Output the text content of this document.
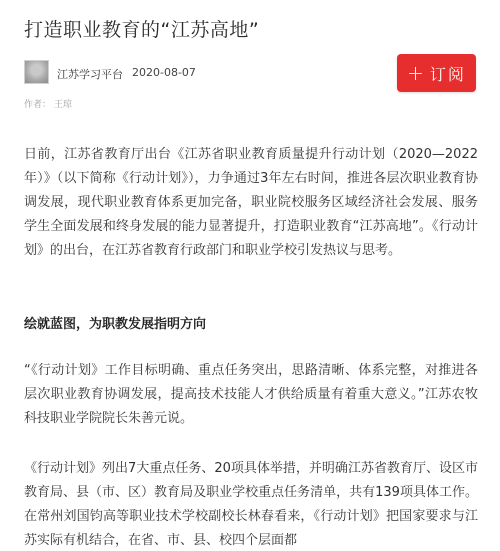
打造职业教育的“江苏高地”
江苏学习平台 2020-08-07
作者： 王琼
+ 订阅
日前，江苏省教育厅出台《江苏省职业教育质量提升行动计划（2020—2022年）》（以下简称《行动计划》），力争通过3年左右时间，推进各层次职业教育协调发展，现代职业教育体系更加完备，职业院校服务区域经济社会发展、服务学生全面发展和终身发展的能力显著提升，打造职业教育“江苏高地”。《行动计划》的出台，在江苏省教育行政部门和职业学校引发热议与思考。
绘就蓝图，为职教发展指明方向
“《行动计划》工作目标明确、重点任务突出，思路清晰、体系完整，对推进各层次职业教育协调发展，提高技术技能人才供给质量有着重大意义。”江苏农牧科技职业学院院长朱善元说。
《行动计划》列出7大重点任务、20项具体举措，并明确江苏省教育厅、设区市教育局、县（市、区）教育局及职业学校重点任务清单，共有139项具体工作。在常州刘国钧高等职业技术学校副校长林春看来，《行动计划》把国家要求与江苏实际有机结合，在省、市、县、校四个层面都
